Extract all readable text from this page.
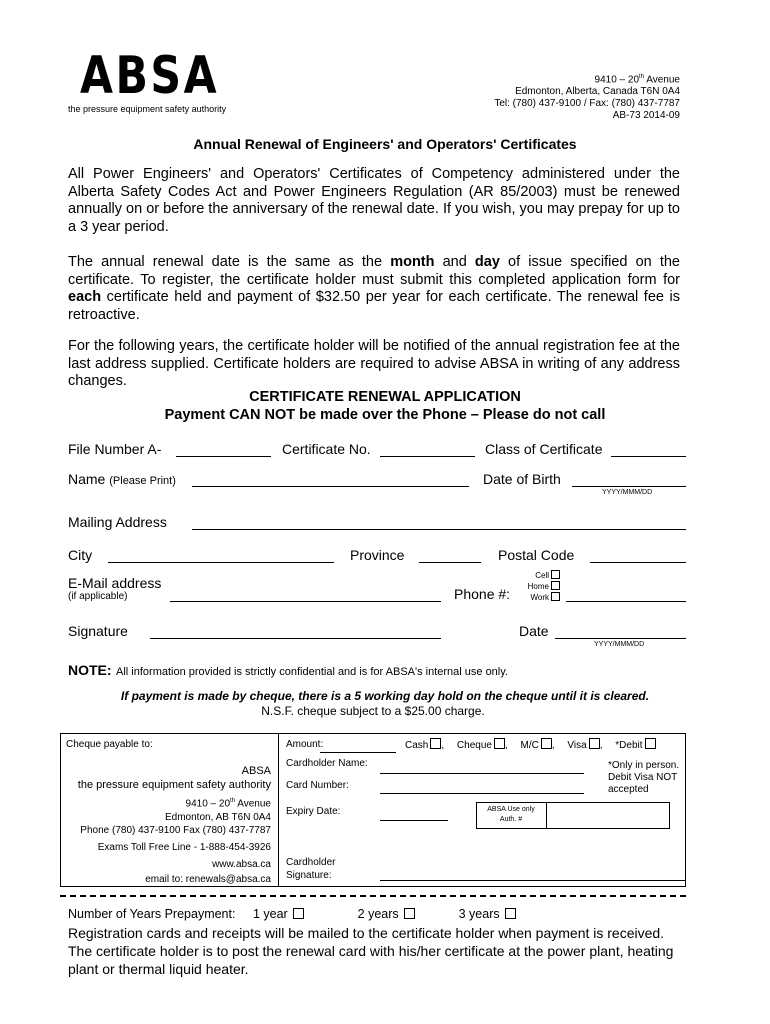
ABSA
the pressure equipment safety authority
9410 – 20th Avenue
Edmonton, Alberta, Canada T6N 0A4
Tel: (780) 437-9100 / Fax: (780) 437-7787
AB-73 2014-09
Annual Renewal of Engineers' and Operators' Certificates
All Power Engineers' and Operators' Certificates of Competency administered under the Alberta Safety Codes Act and Power Engineers Regulation (AR 85/2003) must be renewed annually on or before the anniversary of the renewal date. If you wish, you may prepay for up to a 3 year period.
The annual renewal date is the same as the month and day of issue specified on the certificate. To register, the certificate holder must submit this completed application form for each certificate held and payment of $32.50 per year for each certificate. The renewal fee is retroactive.
For the following years, the certificate holder will be notified of the annual registration fee at the last address supplied. Certificate holders are required to advise ABSA in writing of any address changes.
CERTIFICATE RENEWAL APPLICATION
Payment CAN NOT be made over the Phone – Please do not call
File Number A-	Certificate No.	Class of Certificate
Name (Please Print)	Date of Birth
YYYY/MMM/DD
Mailing Address
City	Province	Postal Code
E-Mail address
(if applicable)	Phone #:
Cell
Home
Work
Signature	Date
YYYY/MMM/DD
NOTE: All information provided is strictly confidential and is for ABSA's internal use only.
If payment is made by cheque, there is a 5 working day hold on the cheque until it is cleared.
N.S.F. cheque subject to a $25.00 charge.
Cheque payable to:
ABSA
the pressure equipment safety authority
9410 – 20th Avenue
Edmonton, AB T6N 0A4
Phone (780) 437-9100 Fax (780) 437-7787
Exams Toll Free Line - 1-888-454-3926
www.absa.ca
email to: renewals@absa.ca
Amount:	Cash , Cheque , M/C , Visa , *Debit
Cardholder Name:
Card Number:
Expiry Date:
*Only in person. Debit Visa NOT accepted
ABSA Use only
Auth. #
Cardholder
Signature:
Number of Years Prepayment: 1 year	2 years	3 years
Registration cards and receipts will be mailed to the certificate holder when payment is received. The certificate holder is to post the renewal card with his/her certificate at the power plant, heating plant or thermal liquid heater.
